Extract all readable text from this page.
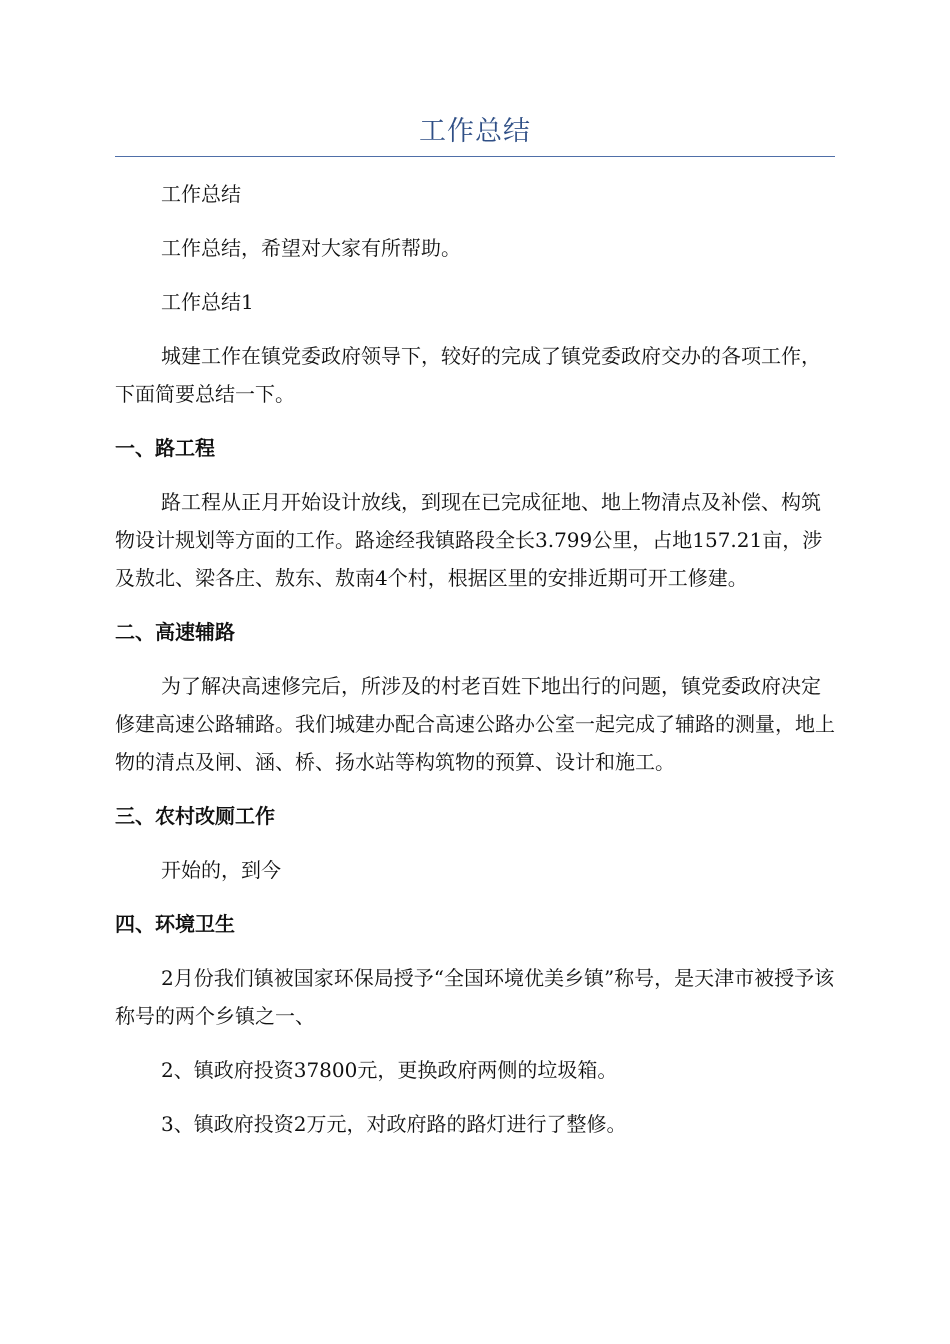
工作总结

工作总结

工作总结，希望对大家有所帮助。

工作总结1

城建工作在镇党委政府领导下，较好的完成了镇党委政府交办的各项工作，下面简要总结一下。

一、路工程

路工程从正月开始设计放线，到现在已完成征地、地上物清点及补偿、构筑物设计规划等方面的工作。路途经我镇路段全长3.799公里，占地157.21亩，涉及敖北、梁各庄、敖东、敖南4个村，根据区里的安排近期可开工修建。

二、高速辅路

为了解决高速修完后，所涉及的村老百姓下地出行的问题，镇党委政府决定修建高速公路辅路。我们城建办配合高速公路办公室一起完成了辅路的测量，地上物的清点及闸、涵、桥、扬水站等构筑物的预算、设计和施工。

三、农村改厕工作

开始的，到今

四、环境卫生

2月份我们镇被国家环保局授予“全国环境优美乡镇”称号，是天津市被授予该称号的两个乡镇之一、

2、镇政府投资37800元，更换政府两侧的垃圾箱。

3、镇政府投资2万元，对政府路的路灯进行了整修。
